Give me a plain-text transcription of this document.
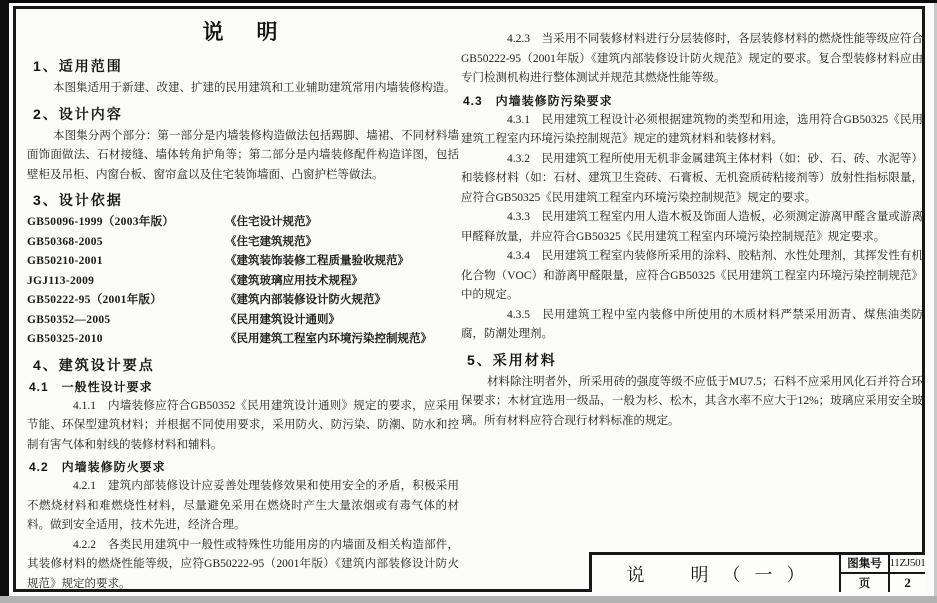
说　明
1、适用范围

本图集适用于新建、改建、扩建的民用建筑和工业辅助建筑常用内墙装修构造。

2、设计内容

本图集分两个部分：第一部分是内墙装修构造做法包括踢脚、墙裙、不同材料墙面饰面做法、石材接缝、墙体转角护角等；第二部分是内墙装修配件构造详图，包括壁柜及吊柜、内窗台板、窗帘盒以及住宅装饰墙面、凸窗护栏等做法。

3、设计依据
GB50096-1999（2003年版）	《住宅设计规范》
GB50368-2005	《住宅建筑规范》
GB50210-2001	《建筑装饰装修工程质量验收规范》
JGJ113-2009	《建筑玻璃应用技术规程》
GB50222-95（2001年版）	《建筑内部装修设计防火规范》
GB50352—2005	《民用建筑设计通则》
GB50325-2010	《民用建筑工程室内环境污染控制规范》
4、建筑设计要点
4.1　一般性设计要求

4.1.1　内墙装修应符合GB50352《民用建筑设计通则》规定的要求，应采用节能、环保型建筑材料；并根据不同使用要求，采用防火、防污染、防潮、防水和控制有害气体和射线的装修材料和辅料。

4.2　内墙装修防火要求

4.2.1　建筑内部装修设计应妥善处理装修效果和使用安全的矛盾，积极采用不燃烧材料和难燃烧性材料，尽量避免采用在燃烧时产生大量浓烟或有毒气体的材料。做到安全适用，技术先进，经济合理。

4.2.2　各类民用建筑中一般性或特殊性功能用房的内墙面及相关构造部件，其装修材料的燃烧性能等级，应符GB50222-95（2001年版）《建筑内部装修设计防火规范》规定的要求。

4.2.3　当采用不同装修材料进行分层装修时，各层装修材料的燃烧性能等级应符合GB50222-95（2001年版）《建筑内部装修设计防火规范》规定的要求。复合型装修材料应由专门检测机构进行整体测试并规范其燃烧性能等级。

4.3　内墙装修防污染要求

4.3.1　民用建筑工程设计必须根据建筑物的类型和用途，选用符合GB50325《民用建筑工程室内环境污染控制规范》规定的建筑材料和装修材料。

4.3.2　民用建筑工程所使用无机非金属建筑主体材料（如：砂、石、砖、水泥等）和装修材料（如：石材、建筑卫生瓷砖、石膏板、无机瓷质砖粘接剂等）放射性指标限量，应符合GB50325《民用建筑工程室内环境污染控制规范》规定的要求。

4.3.3　民用建筑工程室内用人造木板及饰面人造板，必须测定游离甲醛含量或游离甲醛释放量，并应符合GB50325《民用建筑工程室内环境污染控制规范》规定要求。

4.3.4　民用建筑工程室内装修所采用的涂料、胶粘剂、水性处理剂，其挥发性有机化合物（VOC）和游离甲醛限量，应符合GB50325《民用建筑工程室内环境污染控制规范》中的规定。

4.3.5　民用建筑工程中室内装修中所使用的木质材料严禁采用沥青、煤焦油类防腐，防潮处理剂。

5、采用材料

材料除注明者外，所采用砖的强度等级不应低于MU7.5；石料不应采用风化石并符合环保要求；木材宜选用一级品，一般为杉、松木，其含水率不应大于12%；玻璃应采用安全玻璃。所有材料应符合现行材料标准的规定。

说　明（一）
图集号 11ZJ501
页	2
